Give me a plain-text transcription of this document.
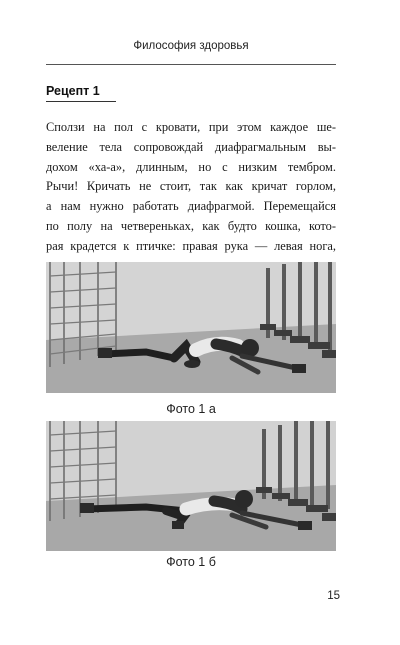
Философия здоровья
Рецепт 1

Сползи на пол с кровати, при этом каждое ше-
веление тела сопровождай диафрагмальным вы-
дохом «ха-а», длинным, но с низким тембром.
Рычи! Кричать не стоит, так как кричат горлом,
а нам нужно работать диафрагмой. Перемещайся
по полу на четвереньках, как будто кошка, кото-
рая крадется к птичке: правая рука — левая нога,

Фото 1 а
Фото 1 б
15
